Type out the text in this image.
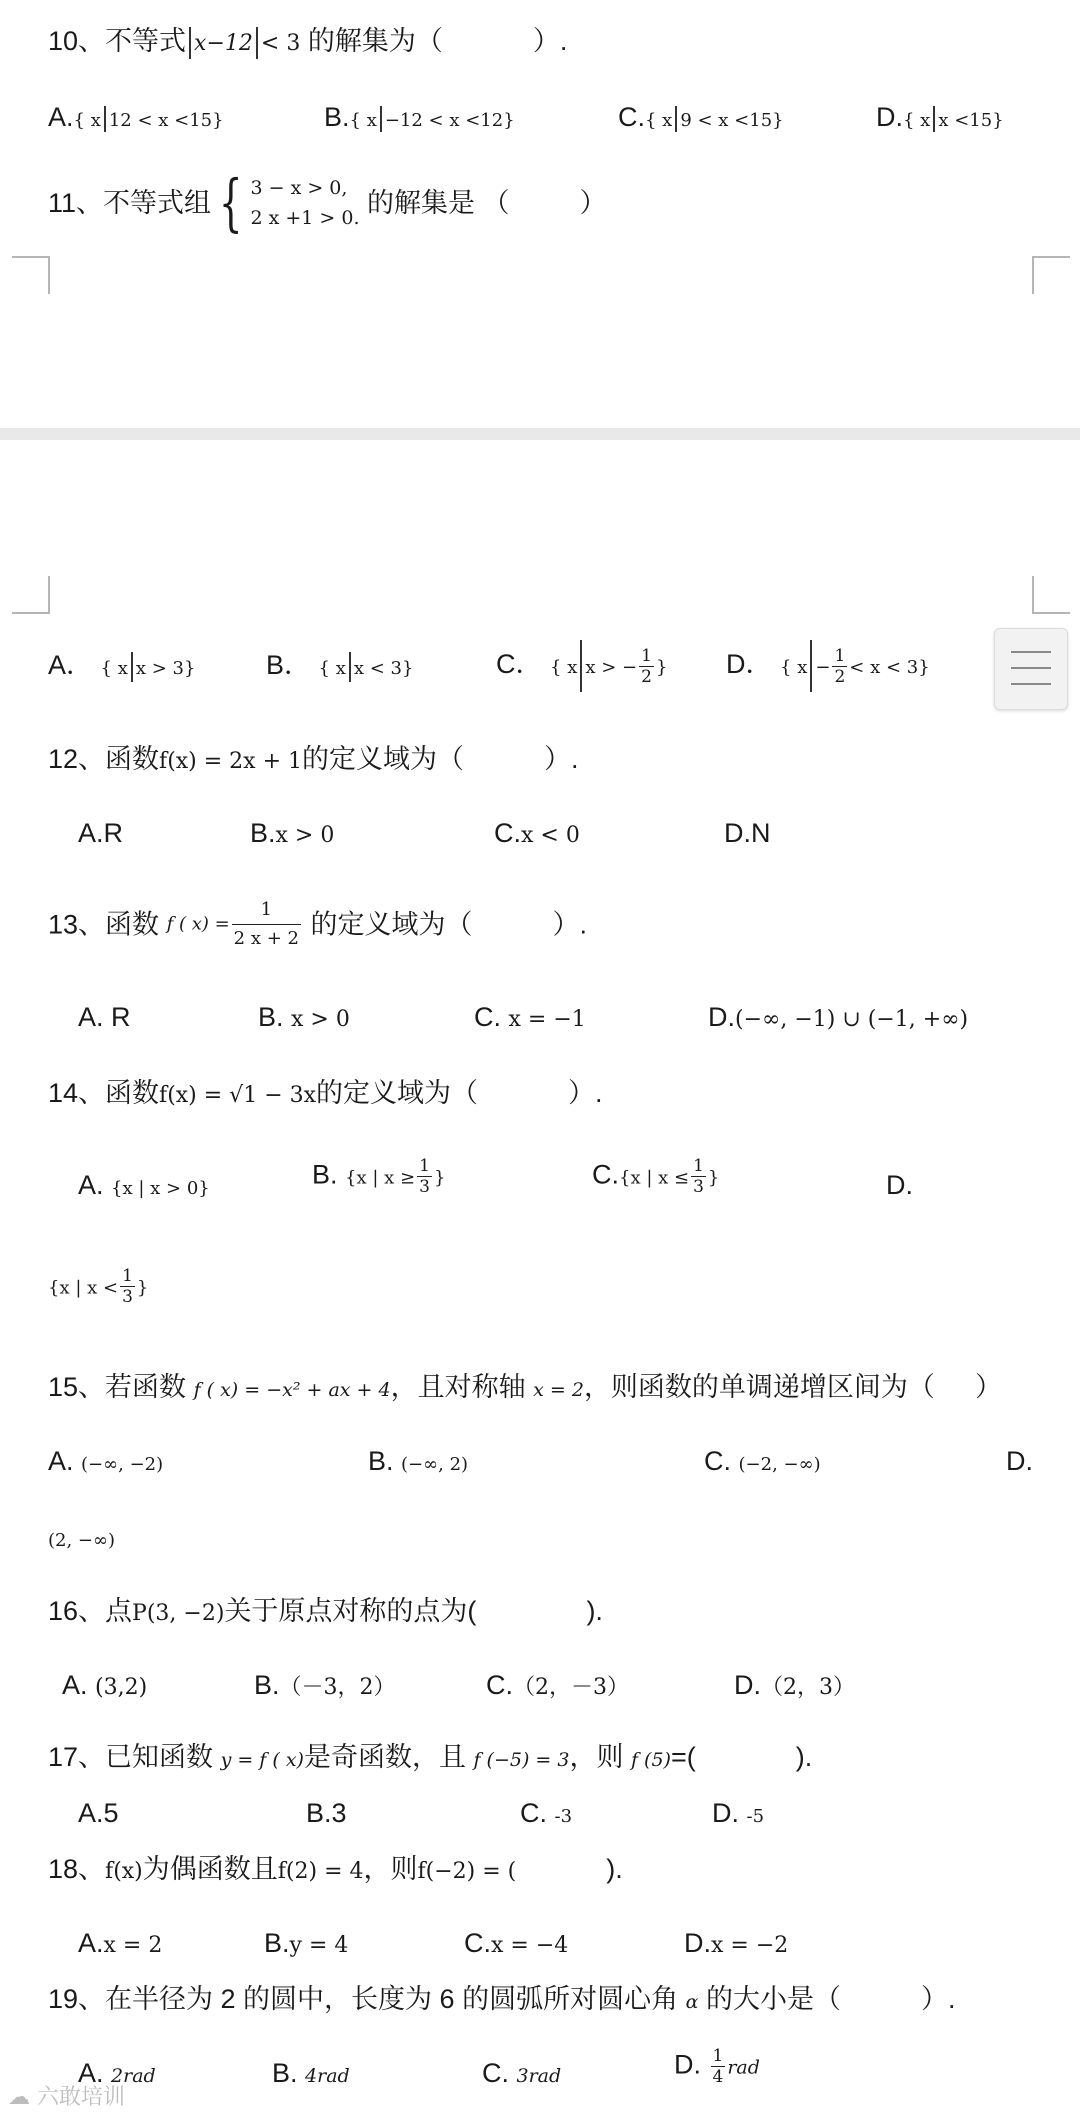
10、不等式 x−12 < 3 的解集为（	）.
A.{ x 12 < x <15}	B.{ x −12 < x <12}	C.{ x 9 < x <15}	D.{ x x <15}
11、不等式组 { 3 − x > 0,
2 x +1 > 0. 的解集是 （	）
A． { x x > 3}	B． { x x < 3}	C． { x x > − $\frac{1}{2}$ } D． { $x - \frac{1}{2} < x < 3$}
12、函数f(x) = 2x + 1的定义域为（	）.
A.R	B.x > 0	C.x < 0	D.N
13、函数 f ( $x) = \frac{1}{2 x + 2}$ 的定义域为（	）.
A. R	B. x > 0	C. x = −1	D.(−∞, −1) ∪ (−1, +∞)
14、函数f(x) = √1 − 3x的定义域为（	）.
A. {x | x > 0}	B. {x | $x \ge \frac{1}{3}$ }	C.{x | $x \le \frac{1}{3}$ }	D.
{x | $x < \frac{1}{3}$ }
15、若函数 f ( x) = −x² + ax + 4，且对称轴 x = 2，则函数的单调递增区间为（ ）
A. (−∞, −2)	B. (−∞, 2)	C. (−2, −∞)	D.
(2, −∞)
16、点P(3, −2)关于原点对称的点为(	).
A. (3,2)	B.（－3，2）	C.（2，－3）	D.（2，3）
17、已知函数 y = f ( x)是奇函数，且 f (−5) = 3，则 f (5)=(	).
A.5	B.3	C. -3	D. -5
18、f(x)为偶函数且f(2) = 4，则f(−2) = (	).
A.x = 2	B.y = 4	C.x = −4	D.x = −2
19、在半径为 2 的圆中，长度为 6 的圆弧所对圆心角 α 的大小是（	）.
A. 2rad	B. 4rad	C. 3rad	D. $\frac{1}{4}$ rad
☁ 六敢培训
